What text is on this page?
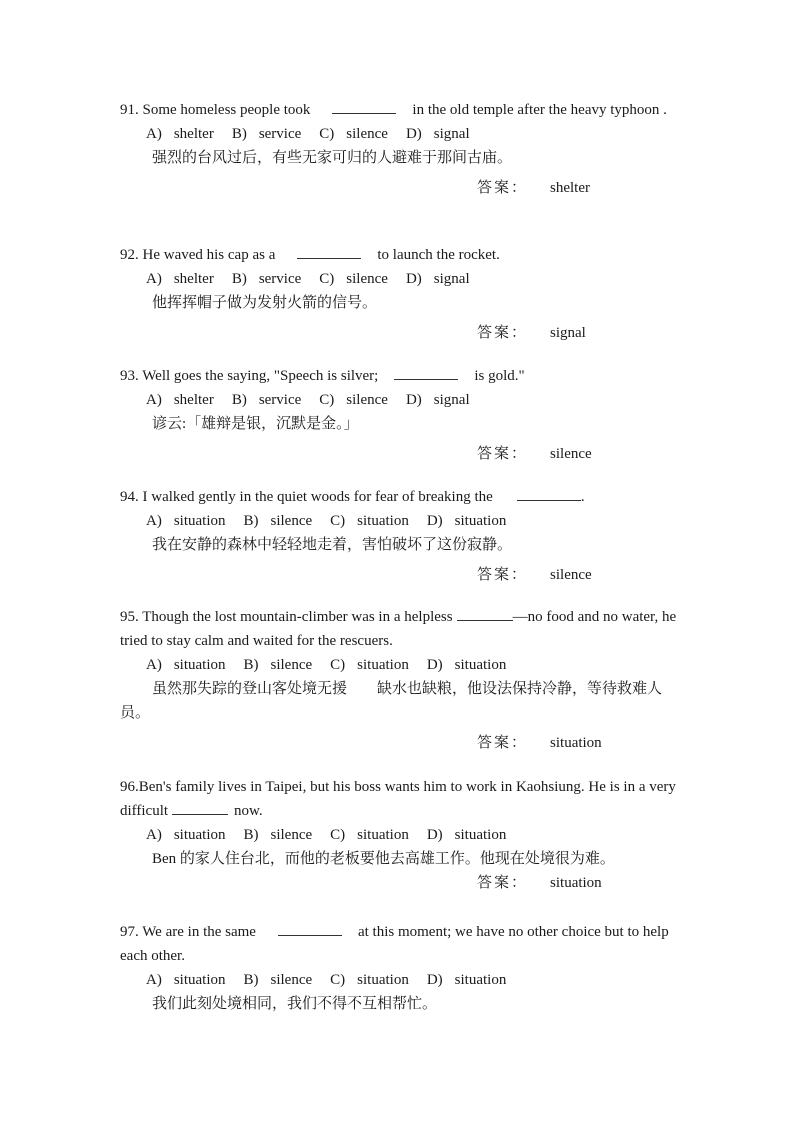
91. Some homeless people took	in the old temple after the heavy typhoon .
A) shelter B) service C) silence D) signal
强烈的台风过后，有些无家可归的人避难于那间古庙。
答案： shelter
92. He waved his cap as a	to launch the rocket.
A) shelter B) service C) silence D) signal
他挥挥帽子做为发射火箭的信号。
答案： signal
93. Well goes the saying, "Speech is silver;	is gold."
A) shelter B) service C) silence D) signal
谚云:「雄辩是银，沉默是金。」
答案： silence
94. I walked gently in the quiet woods for fear of breaking the	.
A) situation B) silence C) situation D) situation
我在安静的森林中轻轻地走着，害怕破坏了这份寂静。
答案： silence
95. Though the lost mountain-climber was in a helpless	—no food and no water, he tried to stay calm and waited for the rescuers.
A) situation B) silence C) situation D) situation
虽然那失踪的登山客处境无援　　缺水也缺粮，他设法保持冷静，等待救难人员。
答案： situation
96.Ben's family lives in Taipei, but his boss wants him to work in Kaohsiung. He is in a very difficult	now.
A) situation B) silence C) situation D) situation
Ben 的家人住台北，而他的老板要他去高雄工作。他现在处境很为难。
答案： situation
97. We are in the same	at this moment; we have no other choice but to help each other.
A) situation B) silence C) situation D) situation
我们此刻处境相同，我们不得不互相帮忙。
